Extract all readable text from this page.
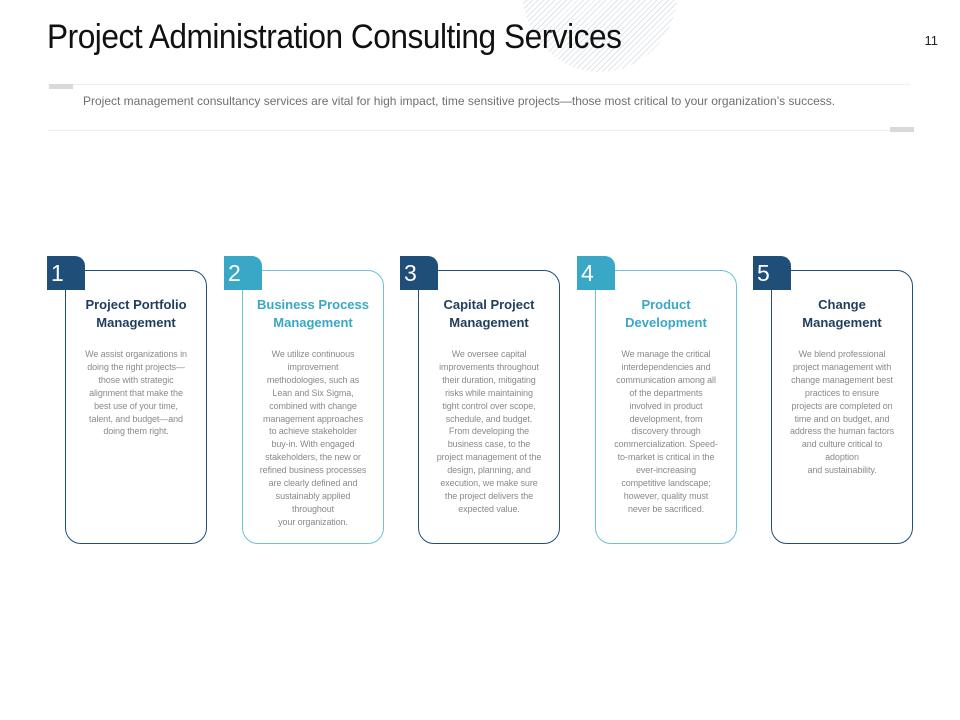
Project Administration Consulting Services	11

Project management consultancy services are vital for high impact, time sensitive projects—those most critical to your organization’s success.

Project Portfolio
Management
We assist organizations in
doing the right projects—
those with strategic
alignment that make the
best use of your time,
talent, and budget—and
doing them right.
1
Business Process
Management
We utilize continuous
improvement
methodologies, such as
Lean and Six Sigma,
combined with change
management approaches
to achieve stakeholder
buy-in. With engaged
stakeholders, the new or
refined business processes
are clearly defined and
sustainably applied
throughout
your organization.
2
Capital Project
Management
We oversee capital
improvements throughout
their duration, mitigating
risks while maintaining
tight control over scope,
schedule, and budget.
From developing the
business case, to the
project management of the
design, planning, and
execution, we make sure
the project delivers the
expected value.
3
Product
Development
We manage the critical
interdependencies and
communication among all
of the departments
involved in product
development, from
discovery through
commercialization. Speed-
to-market is critical in the
ever-increasing
competitive landscape;
however, quality must
never be sacrificed.
4
Change
Management
We blend professional
project management with
change management best
practices to ensure
projects are completed on
time and on budget, and
address the human factors
and culture critical to
adoption
and sustainability.
5
